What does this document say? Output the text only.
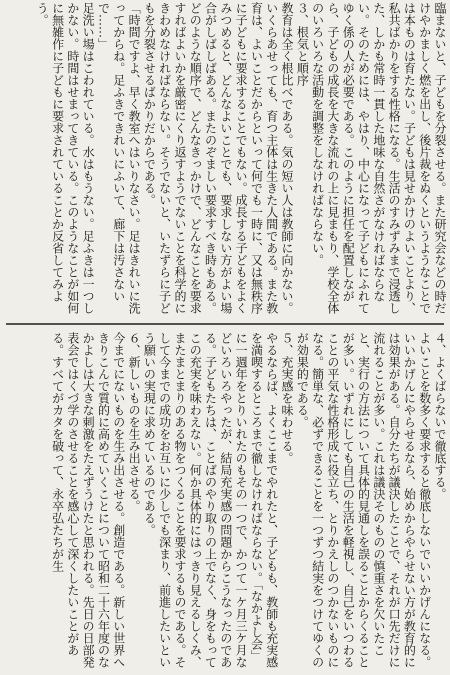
臨まないと、子どもを分裂させる。また研究会などの時だけやかましく燃を出し、後片裁をぬくというようなことでは本ものは育たない。子どもは見せかけのよいことより、私共ばかりをする性格になる。生活のすみずみまで浸透した、しかも常時一貫した地味な自然さがなければならない。そのためには、やはり、中心になって子どもにふれてゆく係の人が必要である。このように担任を配置しながら、子どもの成長を大きな流れの上に見まもり、学校全体のいろいろな活動を調整をしなければならない。
３、根気と順序
教育は全く根比べである。気の短い人は教師に向かない。いくらあせっても、育つ主体は生きた人間である。また教育は、よいことだからといって何でも一時に、又は無秩序に子どもに要求することでもない。成長する子どもをよくみつめると、どんなよいことでも、要求しない方がよい場合がしばしばある。またのぞましい要求すべき時もある。どのような順序で、どんなきっかけで、どんなことを要求すればよいかを厳密にくり返すようでないことを科学的にきわめなければならない。そうでないと、いたずらに子どもを分裂させるばかりだからである。
「時間ですよ、早く教室へはいりなさい。足はきれいに洗ってからね。足ふきできれいにふいて、廊下は汚さないで……」
足洗い場はこわれている。水はもうない。足ふきは一つしかない。時間はせまってきている。このようなことが如何に無雑作に子どもに要求されていることか反省してみよう。
４、よくばらないで徹底する。
よいことを数多く要求すると徹底しないでいいかげんになる。いいかげんにやらせるなら、始めからやらせない方が教育的には効果がある。自分たちが議決したことで、それが口先だけに流れることが多い。これは議決そのものの慎重さを欠いたこと、実行の方法について具体的見通しを誤ることからくることが多い。いずれにしても自己の生活を軽視し、自己をいつわることの平気な性格形成に役立ち、とりかえしのつかないものになる。簡単な、必ずできることを一つずつ結実をつけてゆくのが効果的である。
５、充実感を味わせる。
やるならば、よくここまでやれたと、子どもも、教師も充実感を満喫するところまで徹しなければならない。「なかよし会」に一週年をとりいれたのもその一つで、かつて一ケ月三ケ月などいろいろやったが、結局充実感の問題からこうなったのである。子どもたちは、ことばのやり取りの上でなく、身をもってこの充実を味わえない。何か具体的にはっきり見えるしくみ、またまとまりのある物をつくることを要求するものである。そして今までの成功をお互いに少しでも深まり、前進したいという願いの実現に求めているのである。
６、新しいものを生み出させる。
今までにないものを生み出させる。創造である。新しい世界へきりこんで質的に高めていくことについて昭和二十六年度のなかよしは大きな刺激をたえずうけたと思われる。先日の日部発表会ではくづ学のさせることを感心して深くしたいことがある。すべてがカタを破って、永卒弘たちが生
